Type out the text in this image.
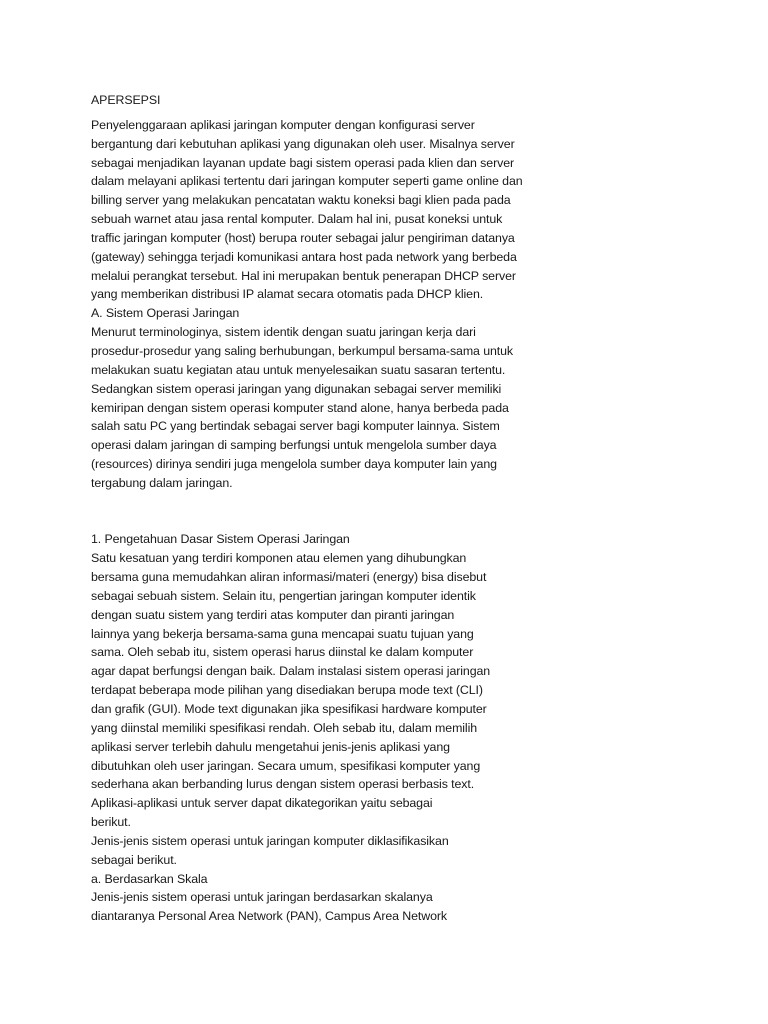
APERSEPSI
Penyelenggaraan aplikasi jaringan komputer dengan konfigurasi server
bergantung dari kebutuhan aplikasi yang digunakan oleh user. Misalnya server
sebagai menjadikan layanan update bagi sistem operasi pada klien dan server
dalam melayani aplikasi tertentu dari jaringan komputer seperti game online dan
billing server yang melakukan pencatatan waktu koneksi bagi klien pada pada
sebuah warnet atau jasa rental komputer. Dalam hal ini, pusat koneksi untuk
traffic jaringan komputer (host) berupa router sebagai jalur pengiriman datanya
(gateway) sehingga terjadi komunikasi antara host pada network yang berbeda
melalui perangkat tersebut. Hal ini merupakan bentuk penerapan DHCP server
yang memberikan distribusi IP alamat secara otomatis pada DHCP klien.
A. Sistem Operasi Jaringan
Menurut terminologinya, sistem identik dengan suatu jaringan kerja dari
prosedur-prosedur yang saling berhubungan, berkumpul bersama-sama untuk
melakukan suatu kegiatan atau untuk menyelesaikan suatu sasaran tertentu.
Sedangkan sistem operasi jaringan yang digunakan sebagai server memiliki
kemiripan dengan sistem operasi komputer stand alone, hanya berbeda pada
salah satu PC yang bertindak sebagai server bagi komputer lainnya. Sistem
operasi dalam jaringan di samping berfungsi untuk mengelola sumber daya
(resources) dirinya sendiri juga mengelola sumber daya komputer lain yang
tergabung dalam jaringan.
1. Pengetahuan Dasar Sistem Operasi Jaringan
Satu kesatuan yang terdiri komponen atau elemen yang dihubungkan
bersama guna memudahkan aliran informasi/materi (energy) bisa disebut
sebagai sebuah sistem. Selain itu, pengertian jaringan komputer identik
dengan suatu sistem yang terdiri atas komputer dan piranti jaringan
lainnya yang bekerja bersama-sama guna mencapai suatu tujuan yang
sama. Oleh sebab itu, sistem operasi harus diinstal ke dalam komputer
agar dapat berfungsi dengan baik. Dalam instalasi sistem operasi jaringan
terdapat beberapa mode pilihan yang disediakan berupa mode text (CLI)
dan grafik (GUI). Mode text digunakan jika spesifikasi hardware komputer
yang diinstal memiliki spesifikasi rendah. Oleh sebab itu, dalam memilih
aplikasi server terlebih dahulu mengetahui jenis-jenis aplikasi yang
dibutuhkan oleh user jaringan. Secara umum, spesifikasi komputer yang
sederhana akan berbanding lurus dengan sistem operasi berbasis text.
Aplikasi-aplikasi untuk server dapat dikategorikan yaitu sebagai
berikut.
Jenis-jenis sistem operasi untuk jaringan komputer diklasifikasikan
sebagai berikut.
a. Berdasarkan Skala
Jenis-jenis sistem operasi untuk jaringan berdasarkan skalanya
diantaranya Personal Area Network (PAN), Campus Area Network
